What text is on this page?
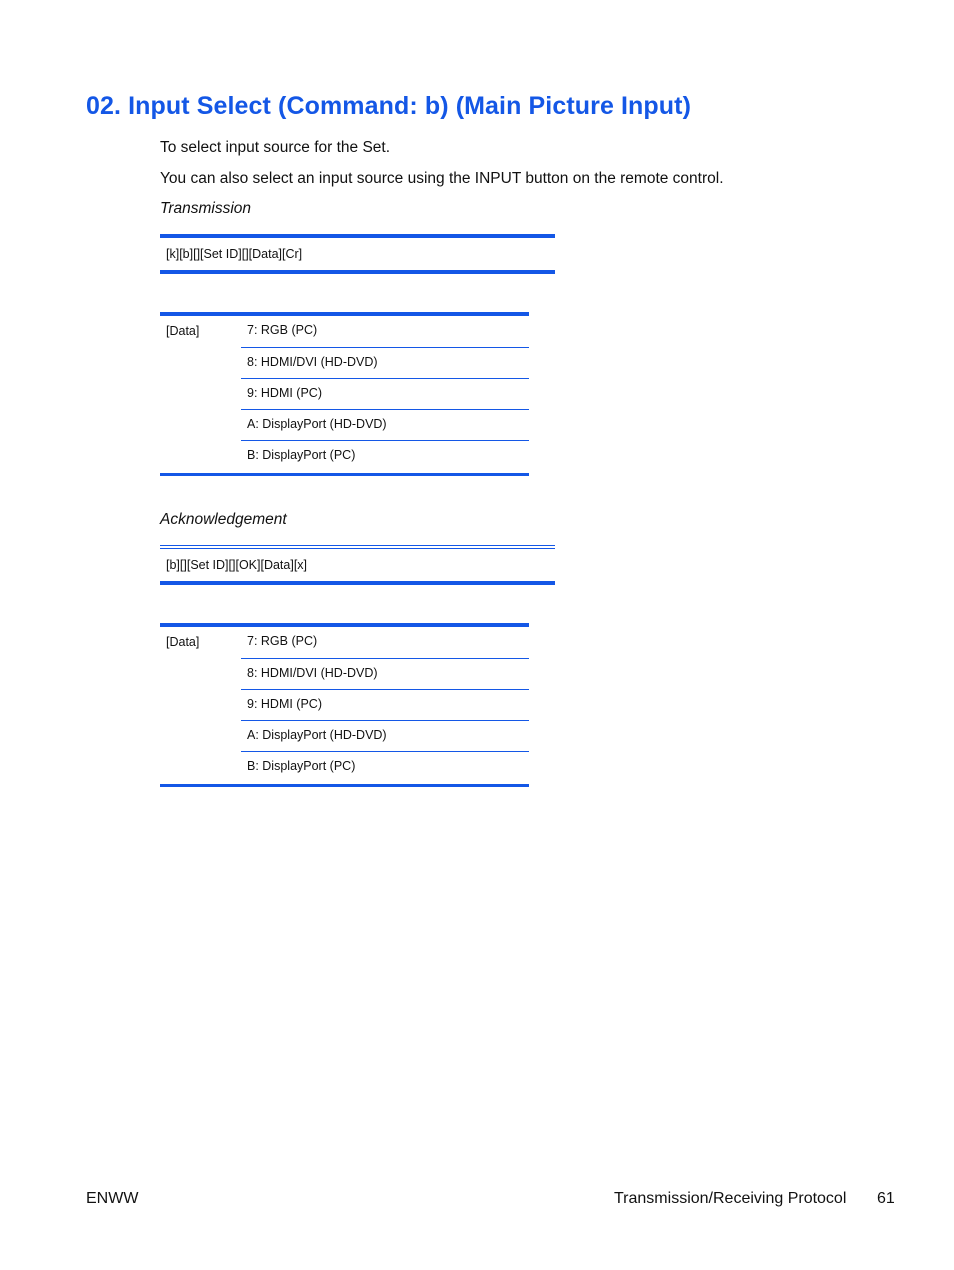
02. Input Select (Command: b) (Main Picture Input)

To select input source for the Set.

You can also select an input source using the INPUT button on the remote control.

Transmission

[k][b][][Set ID][][Data][Cr]
[Data]	7: RGB (PC)
8: HDMI/DVI (HD-DVD)
9: HDMI (PC)
A: DisplayPort (HD-DVD)
B: DisplayPort (PC)

Acknowledgement

[b][][Set ID][][OK][Data][x]
[Data]	7: RGB (PC)
8: HDMI/DVI (HD-DVD)
9: HDMI (PC)
A: DisplayPort (HD-DVD)
B: DisplayPort (PC)
ENWW	Transmission/Receiving Protocol 61
